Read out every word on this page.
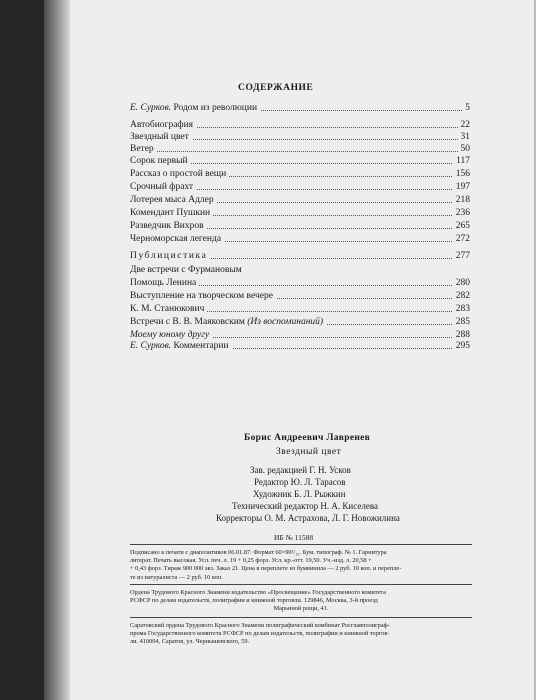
СОДЕРЖАНИЕ
Е. Сурков. Родом из революции	5
Автобиография	22
Звездный цвет	31
Ветер	50
Сорок первый	117
Рассказ о простой вещи	156
Срочный фрахт	197
Лотерея мыса Адлер	218
Комендант Пушкин	236
Разведчик Вихров	265
Черноморская легенда	272
Публицистика	277
Две встречи с Фурмановым
Помощь Ленина	280
Выступление на творческом вечере	282
К. М. Станюкович	283
Встречи с В. В. Маяковским (Из воспоминаний)	285
Моему юному другу	288
Е. Сурков. Комментарии	295
Борис Андреевич Лавренев
Звездный цвет
Зав. редакцией Г. Н. Усков
Редактор Ю. Л. Тарасов
Художник Б. Л. Рыжкин
Технический редактор Н. А. Киселева
Корректоры О. М. Астрахова, Л. Г. Новожилина
ИБ № 11588
Подписано к печати с диапозитивов 06.01.87. Формат 60×90¹/₁₆. Бум. типограф. № 1. Гарнитура
литерат. Печать высокая. Усл. печ. л. 19 + 0,25 форз. Усл. кр.-отт. 19,50. Уч.-изд. л. 20,58 +
+ 0,43 форз. Тираж 900 000 экз. Заказ 21. Цена в переплете из бумвинила — 2 руб. 10 коп. и перепле-
те из натуралиста — 2 руб. 10 коп.
Ордена Трудового Красного Знамени издательство «Просвещение» Государственного комитета
РСФСР по делам издательств, полиграфии и книжной торговли. 129846, Москва, 3-й проезд
Марьиной рощи, 41.
Саратовский ордена Трудового Красного Знамени полиграфический комбинат Росглавполиграф-
прома Государственного комитета РСФСР по делам издательств, полиграфии и книжной торгов-
ли. 410004, Саратов, ул. Чернышевского, 59.
